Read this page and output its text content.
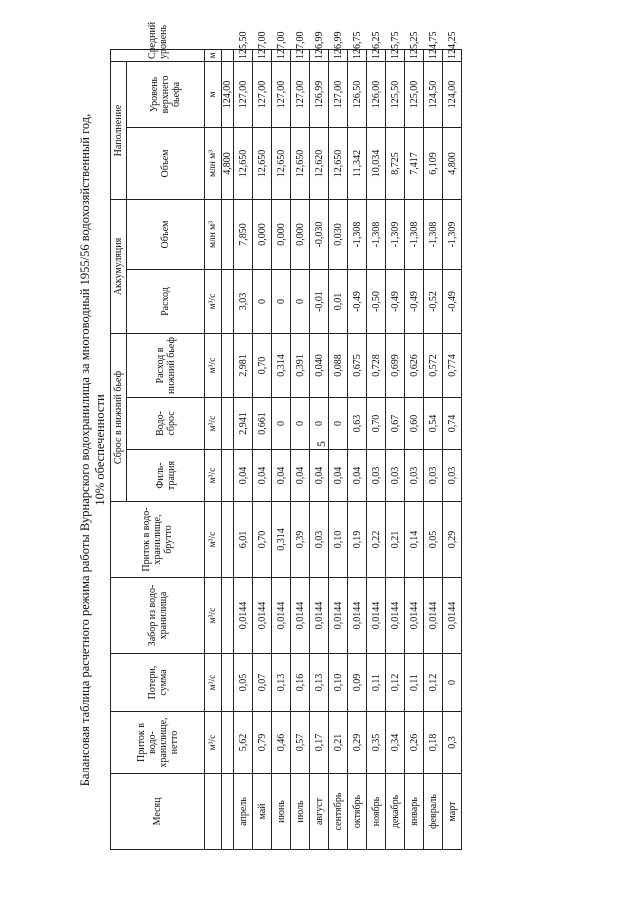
5
Балансовая таблица расчетного режима работы Вурнарского водохранилища за многоводный 1955/56 водохозяйственный год, 10% обеспеченности
Месяц	Приток в водо-хранилище, нетто	Потери, сумма	Забор из водо-хранилища	Приток в водо-хранилище, брутто	Сброс в нижний бьеф			Аккумуляция		Наполнение		Средний уровень
					Филь-трация	Водо-сброс	Расход в нижний бьеф	Расход	Объем	Объем	Уровень верхнего бьефа	
	м³/с	м³/с	м³/с	м³/с	м³/с	м³/с	м³/с	м³/с	млн м³	млн м³	м	м
										4,800	124,00	
апрель	5,62	0,05	0,0144	6,01	0,04	2,941	2,981	3,03	7,850	12,650	127,00	125,50
май	0,79	0,07	0,0144	0,70	0,04	0,661	0,70	0	0,000	12,650	127,00	127,00
июнь	0,46	0,13	0,0144	0,314	0,04	0	0,314	0	0,000	12,650	127,00	127,00
июль	0,57	0,16	0,0144	0,39	0,04	0	0,391	0	0,000	12,650	127,00	127,00
август	0,17	0,13	0,0144	0,03	0,04	0	0,040	-0,01	-0,030	12,620	126,99	126,99
сентябрь	0,21	0,10	0,0144	0,10	0,04	0	0,088	0,01	0,030	12,650	127,00	126,99
октябрь	0,29	0,09	0,0144	0,19	0,04	0,63	0,675	-0,49	-1,308	11,342	126,50	126,75
ноябрь	0,35	0,11	0,0144	0,22	0,03	0,70	0,728	-0,50	-1,308	10,034	126,00	126,25
декабрь	0,34	0,12	0,0144	0,21	0,03	0,67	0,699	-0,49	-1,309	8,725	125,50	125,75
январь	0,26	0,11	0,0144	0,14	0,03	0,60	0,626	-0,49	-1,308	7,417	125,00	125,25
февраль	0,18	0,12	0,0144	0,05	0,03	0,54	0,572	-0,52	-1,308	6,109	124,50	124,75
март	0,3	0	0,0144	0,29	0,03	0,74	0,774	-0,49	-1,309	4,800	124,00	124,25
